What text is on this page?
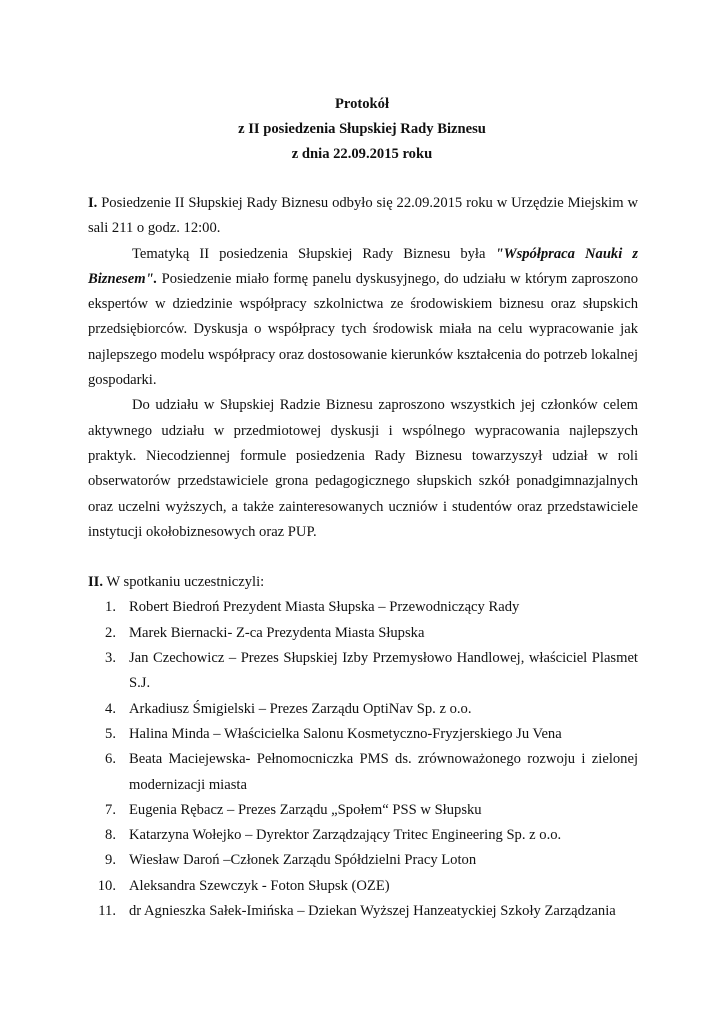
Protokół
z II posiedzenia Słupskiej Rady Biznesu
z dnia 22.09.2015 roku

I. Posiedzenie II Słupskiej Rady Biznesu odbyło się 22.09.2015 roku w Urzędzie Miejskim w sali 211 o godz. 12:00.

Tematyką II posiedzenia Słupskiej Rady Biznesu była "Współpraca Nauki z Biznesem". Posiedzenie miało formę panelu dyskusyjnego, do udziału w którym zaproszono ekspertów w dziedzinie współpracy szkolnictwa ze środowiskiem biznesu oraz słupskich przedsiębiorców. Dyskusja o współpracy tych środowisk miała na celu wypracowanie jak najlepszego modelu współpracy oraz dostosowanie kierunków kształcenia do potrzeb lokalnej gospodarki.

Do udziału w Słupskiej Radzie Biznesu zaproszono wszystkich jej członków celem aktywnego udziału w przedmiotowej dyskusji i wspólnego wypracowania najlepszych praktyk. Niecodziennej formule posiedzenia Rady Biznesu towarzyszył udział w roli obserwatorów przedstawiciele grona pedagogicznego słupskich szkół ponadgimnazjalnych oraz uczelni wyższych, a także zainteresowanych uczniów i studentów oraz przedstawiciele instytucji okołobiznesowych oraz PUP.

II. W spotkaniu uczestniczyli:

1. Robert Biedroń Prezydent Miasta Słupska – Przewodniczący Rady
2. Marek Biernacki- Z-ca Prezydenta Miasta Słupska
3. Jan Czechowicz – Prezes Słupskiej Izby Przemysłowo Handlowej, właściciel Plasmet S.J.
4. Arkadiusz Śmigielski – Prezes Zarządu OptiNav Sp. z o.o.
5. Halina Minda – Właścicielka Salonu Kosmetyczno-Fryzjerskiego Ju Vena
6. Beata Maciejewska- Pełnomocniczka PMS ds. zrównoważonego rozwoju i zielonej modernizacji miasta
7. Eugenia Rębacz – Prezes Zarządu „Społem“ PSS w Słupsku
8. Katarzyna Wołejko – Dyrektor Zarządzający Tritec Engineering Sp. z o.o.
9. Wiesław Daroń –Członek Zarządu Spółdzielni Pracy Loton
10. Aleksandra Szewczyk - Foton Słupsk (OZE)
11. dr Agnieszka Sałek-Imińska – Dziekan Wyższej Hanzeatyckiej Szkoły Zarządzania
